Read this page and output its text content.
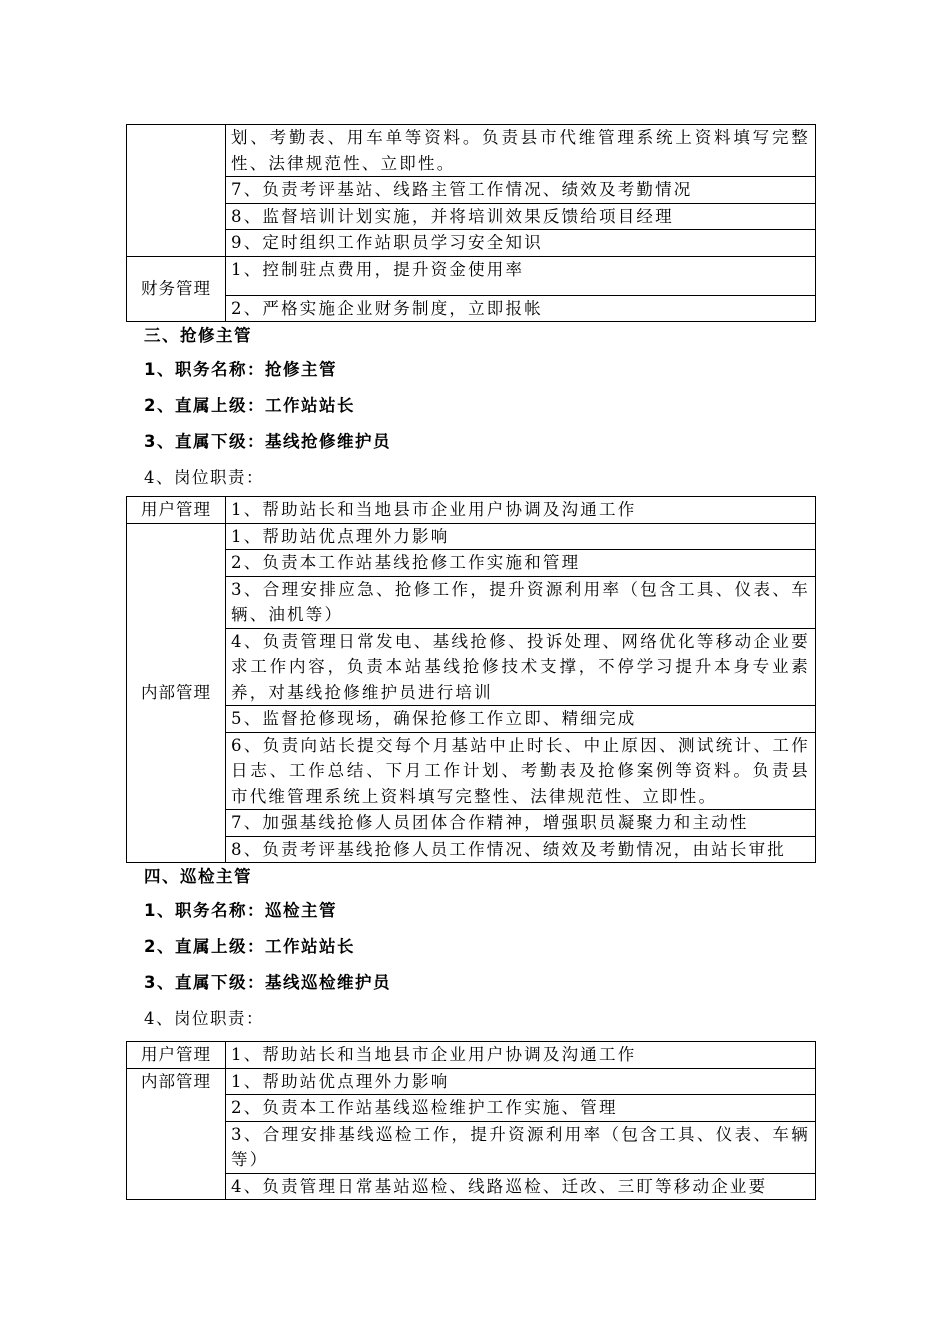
	划、考勤表、用车单等资料。负责县市代维管理系统上资料填写完整性、法律规范性、立即性。
	7、负责考评基站、线路主管工作情况、绩效及考勤情况
	8、监督培训计划实施，并将培训效果反馈给项目经理
	9、定时组织工作站职员学习安全知识
财务管理	1、控制驻点费用，提升资金使用率
	2、严格实施企业财务制度，立即报帐
三、抢修主管
1、职务名称：抢修主管
2、直属上级：工作站站长
3、直属下级：基线抢修维护员
4、岗位职责：
用户管理	1、帮助站长和当地县市企业用户协调及沟通工作
内部管理	1、帮助站优点理外力影响
	2、负责本工作站基线抢修工作实施和管理
	3、合理安排应急、抢修工作，提升资源利用率（包含工具、仪表、车辆、油机等）
	4、负责管理日常发电、基线抢修、投诉处理、网络优化等移动企业要求工作内容，负责本站基线抢修技术支撑，不停学习提升本身专业素养，对基线抢修维护员进行培训
	5、监督抢修现场，确保抢修工作立即、精细完成
	6、负责向站长提交每个月基站中止时长、中止原因、测试统计、工作日志、工作总结、下月工作计划、考勤表及抢修案例等资料。负责县市代维管理系统上资料填写完整性、法律规范性、立即性。
	7、加强基线抢修人员团体合作精神，增强职员凝聚力和主动性
	8、负责考评基线抢修人员工作情况、绩效及考勤情况，由站长审批
四、巡检主管
1、职务名称：巡检主管
2、直属上级：工作站站长
3、直属下级：基线巡检维护员
4、岗位职责：
用户管理	1、帮助站长和当地县市企业用户协调及沟通工作
内部管理	1、帮助站优点理外力影响
	2、负责本工作站基线巡检维护工作实施、管理
	3、合理安排基线巡检工作，提升资源利用率（包含工具、仪表、车辆等）
	4、负责管理日常基站巡检、线路巡检、迁改、三盯等移动企业要
